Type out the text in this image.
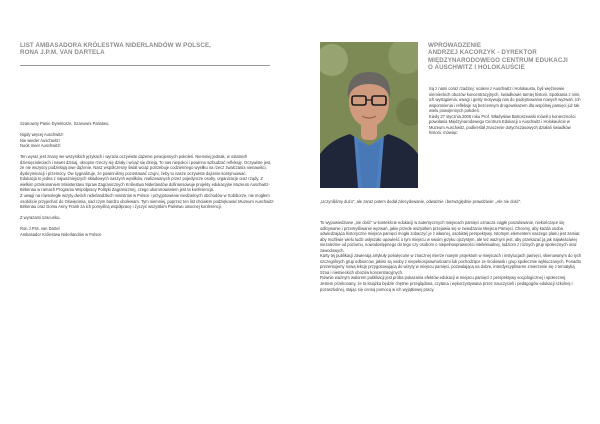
LIST AMBASADORA KRÓLESTWA NIDERLANDÓW W POLSCE,
RONA J.P.M. VAN DARTELA

Szanowny Panie Dyrektorze, Szanowni Państwo,

Nigdy więcej Auschwitz!

Nie wieder Auschwitz!

Nooit meer Auschwitz!

Ten wyraz jest znany we wszystkich językach i wyraża oczywiste dążenie powojennych pokoleń. Niemniej jednak, w ostatnich dziesięcioleciach i nawet dzisiaj, okropne rzeczy się działy i wciąż się dzieją. To nas niepokoi i powinno wzbudzać refleksję. Oczywiste jest, że nie wszyscy podzielają owe dążenie. Nasz współczesny świat wciąż potrzebuje codziennego wysiłku na rzecz zwalczania nienawiści, dyskryminacji i przemocy. Ów sygnalizuje, że powinniśmy pozostawać czujni, żeby to nasze oczywiste dążenie kontynuować.

Edukacja to jedna z najważniejszych składowych naszych wysiłków, realizowanych przez pojedyncze osoby, organizacje oraz rządy. Z wielkim przekonaniem Ministerstwo Spraw Zagranicznych Królestwa Niderlandów dofinansowuje projekty edukacyjne Muzeum Auschwitz-Birkenau w ramach Programu Współpracy Polityki Zagranicznej, czego ukoronowaniem jest ta konferencja.

Z uwagi na równoległe wizyty dwóch niderlandzkich ministrów w Polsce i przygotowanie niedzielnych obchodów w Sobiborze, nie mogłem osobiście przyjechać do Oświęcimia, nad czym bardzo ubolewam. Tym niemniej, poprzez ten list chciałem podziękować Muzeum Auschwitz-Birkenau oraz Domu Anny Frank za ich pomyślną współpracę i życzyć wszystkim Państwu owocnej konferencji.

Z wyrazami szacunku,

Ron J.P.M. van Dartel

Ambasador Królestwa Niderlandów w Polsce

WPROWADZENIE
ANDRZEJ KACORZYK - DYREKTOR
MIĘDZYNARODOWEGO CENTRUM EDUKACJI
O AUSCHWITZ I HOLOKAUŚCIE

Są z nami coraz rzadziej: ocaleni z Auschwitz i Holokaustu, byli więźniowie niemieckich obozów koncentracyjnych, świadkowie tamtej historii. Spotkania z nimi, ich wystąpienia, uwagi i gesty motywują nas do podejmowania nowych wyzwań. Ich wspomnienia i refleksje są bezcennym drogowskazem dla wspólnej pamięci już tak wielu powojennych pokoleń.

Kiedy 27 stycznia 2005 roku Prof. Władysław Bartoszewski mówił o konieczności powołania Międzynarodowego Centrum Edukacji o Auschwitz i Holokauście w Muzeum Auschwitz, podkreślał znaczenie dotychczasowych działań świadków historii, mówiąc:

„Uczyniliśmy dużo”, ale zaraz potem dodał zdecydowanie, odważnie i bezwzględnie prawdziwie: „Ale nie dość”.

To wypowiedziane „nie dość” w kontekście edukacji w autentycznych miejscach pamięci oznacza ciągłe poszukiwanie, niekończące się odkrywanie i przemyśliwanie wyzwań, jakie przede wszystkim przejawia się w zwiedzaniu Miejsca Pamięci. Chcemy, aby każda osoba odwiedzająca historyczne miejsca pamięci mogła zobaczyć je z własnej, osobistej perspektywy. Istotnym elementem naszego planu jest zamiar, aby możliwie wielu ludzi usłyszało opowieść o tym miejscu w swoim języku ojczystym, ale też ważnym jest, aby przekazać ją jak najwłaściwiej niezależnie od poziomu, nowodostępnego do tego czy osobom o niepełnosprawności intelektualnej, ludziom z różnych grup społecznych oraz zawodowych.

Karty tej publikacji zawierają artykuły poświęcone w znacznej mierze nowym projektom w miejscach i instytucjach pamięci, skierowanym do tych szczególnych grup odbiorców, jakimi są osoby z niepełnosprawnościami lub pochodzące ze środowisk i grup społecznie wykluczanych. Ponadto prezentujemy nową lekcję przygotowującą do wizyty w miejscu pamięci, pozwalającą na dobre, interdyscyplinarne zmierzenie się z tematyką Szoa i niemieckich obozów koncentracyjnych.

Równie ważnym walorem publikacji jest próba pokazania efektów edukacji w miejscu pamięci z perspektywy socjologicznej i społecznej.

Jestem przekonany, że ta książka będzie chętnie przeglądana, czytana i wykorzystywana przez nauczycieli i pedagogów edukacji szkolnej i pozaszkolnej, stając się cenną pomocą w ich wyjątkowej pracy.
